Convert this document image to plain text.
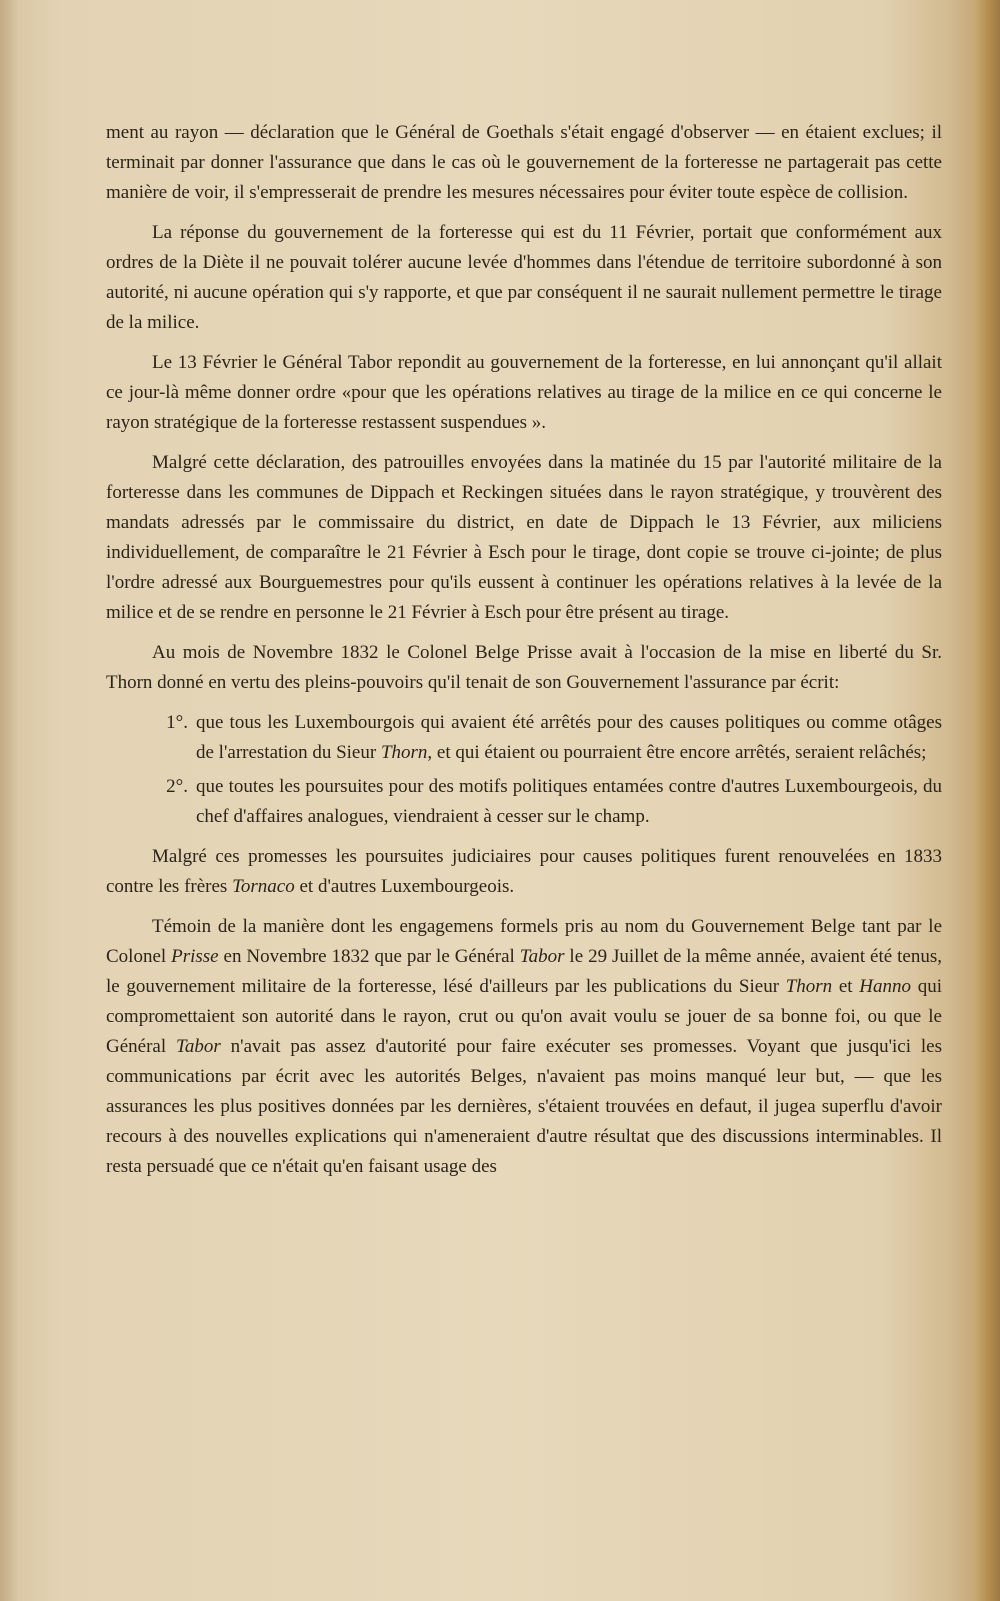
ment au rayon — déclaration que le Général de Goethals s'était engagé d'observer — en étaient exclues; il terminait par donner l'assurance que dans le cas où le gouvernement de la forteresse ne partagerait pas cette manière de voir, il s'empresserait de prendre les mesures nécessaires pour éviter toute espèce de collision.

La réponse du gouvernement de la forteresse qui est du 11 Février, portait que conformément aux ordres de la Diète il ne pouvait tolérer aucune levée d'hommes dans l'étendue de territoire subordonné à son autorité, ni aucune opération qui s'y rapporte, et que par conséquent il ne saurait nullement permettre le tirage de la milice.

Le 13 Février le Général Tabor repondit au gouvernement de la forteresse, en lui annonçant qu'il allait ce jour-là même donner ordre «pour que les opérations relatives au tirage de la milice en ce qui concerne le rayon stratégique de la forteresse restassent suspendues ».

Malgré cette déclaration, des patrouilles envoyées dans la matinée du 15 par l'autorité militaire de la forteresse dans les communes de Dippach et Reckingen situées dans le rayon stratégique, y trouvèrent des mandats adressés par le commissaire du district, en date de Dippach le 13 Février, aux miliciens individuellement, de comparaître le 21 Février à Esch pour le tirage, dont copie se trouve ci-jointe; de plus l'ordre adressé aux Bourguemestres pour qu'ils eussent à continuer les opérations relatives à la levée de la milice et de se rendre en personne le 21 Février à Esch pour être présent au tirage.

Au mois de Novembre 1832 le Colonel Belge Prisse avait à l'occasion de la mise en liberté du Sr. Thorn donné en vertu des pleins-pouvoirs qu'il tenait de son Gouvernement l'assurance par écrit:

1°. que tous les Luxembourgois qui avaient été arrêtés pour des causes politiques ou comme otâges de l'arrestation du Sieur Thorn, et qui étaient ou pourraient être encore arrêtés, seraient relâchés;
2°. que toutes les poursuites pour des motifs politiques entamées contre d'autres Luxembourgeois, du chef d'affaires analogues, viendraient à cesser sur le champ.

Malgré ces promesses les poursuites judiciaires pour causes politiques furent renouvelées en 1833 contre les frères Tornaco et d'autres Luxembourgeois.

Témoin de la manière dont les engagemens formels pris au nom du Gouvernement Belge tant par le Colonel Prisse en Novembre 1832 que par le Général Tabor le 29 Juillet de la même année, avaient été tenus, le gouvernement militaire de la forteresse, lésé d'ailleurs par les publications du Sieur Thorn et Hanno qui compromettaient son autorité dans le rayon, crut ou qu'on avait voulu se jouer de sa bonne foi, ou que le Général Tabor n'avait pas assez d'autorité pour faire exécuter ses promesses. Voyant que jusqu'ici les communications par écrit avec les autorités Belges, n'avaient pas moins manqué leur but, — que les assurances les plus positives données par les dernières, s'étaient trouvées en defaut, il jugea superflu d'avoir recours à des nouvelles explications qui n'ameneraient d'autre résultat que des discussions interminables. Il resta persuadé que ce n'était qu'en faisant usage des
